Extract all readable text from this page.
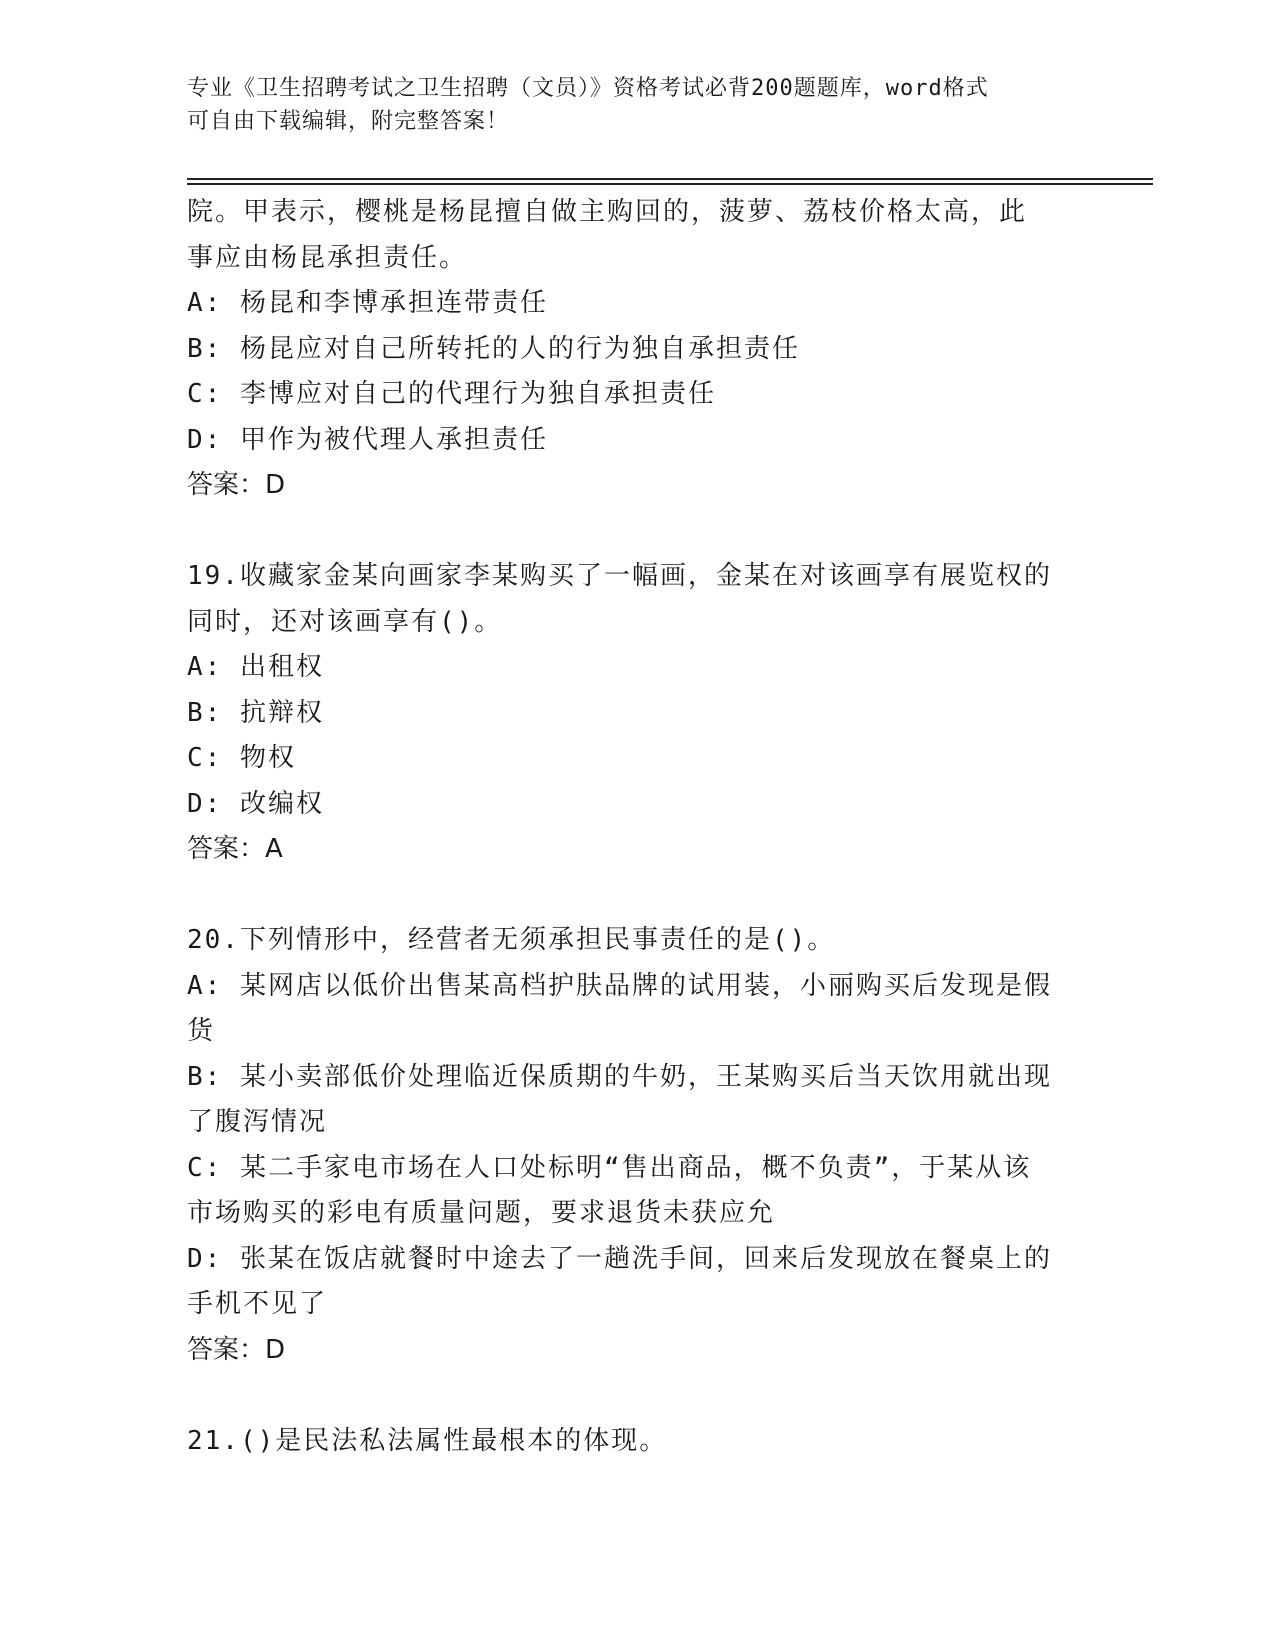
专业《卫生招聘考试之卫生招聘（文员）》资格考试必背200题题库，word格式
可自由下载编辑，附完整答案！
院。甲表示，樱桃是杨昆擅自做主购回的，菠萝、荔枝价格太高，此
事应由杨昆承担责任。
A: 杨昆和李博承担连带责任
B: 杨昆应对自己所转托的人的行为独自承担责任
C: 李博应对自己的代理行为独自承担责任
D: 甲作为被代理人承担责任
答案：D
19.收藏家金某向画家李某购买了一幅画，金某在对该画享有展览权的
同时，还对该画享有()。
A: 出租权
B: 抗辩权
C: 物权
D: 改编权
答案：A
20.下列情形中，经营者无须承担民事责任的是()。
A: 某网店以低价出售某高档护肤品牌的试用装，小丽购买后发现是假
货
B: 某小卖部低价处理临近保质期的牛奶，王某购买后当天饮用就出现
了腹泻情况
C: 某二手家电市场在人口处标明“售出商品，概不负责”，于某从该
市场购买的彩电有质量问题，要求退货未获应允
D: 张某在饭店就餐时中途去了一趟洗手间，回来后发现放在餐桌上的
手机不见了
答案：D
21.()是民法私法属性最根本的体现。
